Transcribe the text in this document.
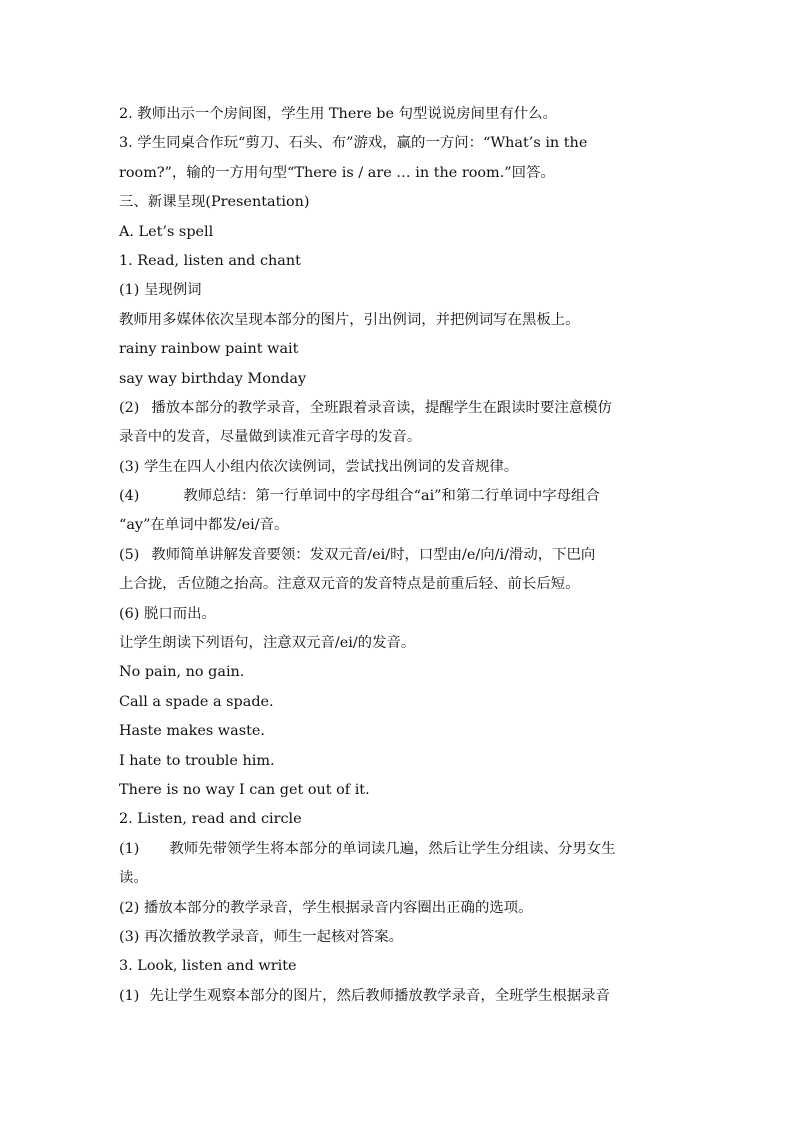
2. 教师出示一个房间图，学生用 There be 句型说说房间里有什么。
3. 学生同桌合作玩“剪刀、石头、布”游戏，赢的一方问：“What’s in the
room?”，输的一方用句型“There is / are … in the room.”回答。
三、新课呈现(Presentation)
A. Let’s spell
1. Read, listen and chant
(1) 呈现例词
教师用多媒体依次呈现本部分的图片，引出例词，并把例词写在黑板上。
rainy rainbow paint wait
say way birthday Monday
(2) 播放本部分的教学录音，全班跟着录音读，提醒学生在跟读时要注意模仿
录音中的发音，尽量做到读准元音字母的发音。
(3) 学生在四人小组内依次读例词，尝试找出例词的发音规律。
(4)	教师总结：第一行单词中的字母组合“ai”和第二行单词中字母组合
“ay”在单词中都发/ei/音。
(5) 教师简单讲解发音要领：发双元音/ei/时，口型由/e/向/i/滑动，下巴向
上合拢，舌位随之抬高。注意双元音的发音特点是前重后轻、前长后短。
(6) 脱口而出。
让学生朗读下列语句，注意双元音/ei/的发音。
No pain, no gain.
Call a spade a spade.
Haste makes waste.
I hate to trouble him.
There is no way I can get out of it.
2. Listen, read and circle
(1) 教师先带领学生将本部分的单词读几遍，然后让学生分组读、分男女生
读。
(2) 播放本部分的教学录音，学生根据录音内容圈出正确的选项。
(3) 再次播放教学录音，师生一起核对答案。
3. Look, listen and write
(1) 先让学生观察本部分的图片，然后教师播放教学录音，全班学生根据录音
